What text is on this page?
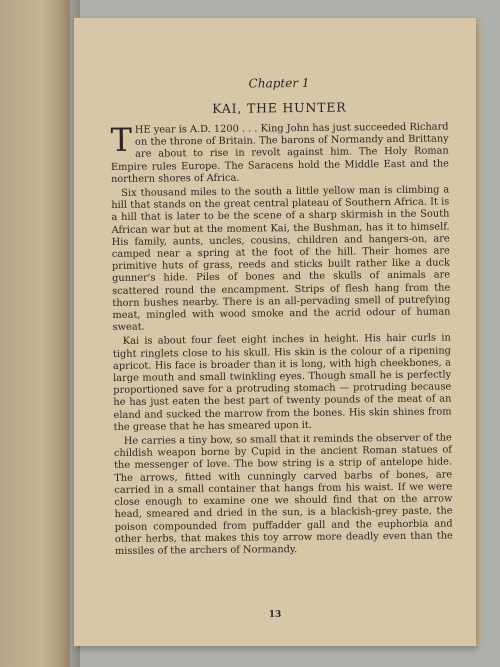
Chapter 1
KAI, THE HUNTER

THE year is A.D. 1200 . . . King John has just succeeded Richard on the throne of Britain. The barons of Normandy and Brittany are about to rise in revolt against him. The Holy Roman Empire rules Europe. The Saracens hold the Middle East and the northern shores of Africa.

Six thousand miles to the south a little yellow man is climbing a hill that stands on the great central plateau of Southern Africa. It is a hill that is later to be the scene of a sharp skirmish in the South African war but at the moment Kai, the Bushman, has it to himself. His family, aunts, uncles, cousins, children and hangers-on, are camped near a spring at the foot of the hill. Their homes are primitive huts of grass, reeds and sticks built rather like a duck gunner's hide. Piles of bones and the skulls of animals are scattered round the encampment. Strips of flesh hang from the thorn bushes nearby. There is an all-pervading smell of putrefying meat, mingled with wood smoke and the acrid odour of human sweat.

Kai is about four feet eight inches in height. His hair curls in tight ringlets close to his skull. His skin is the colour of a ripening apricot. His face is broader than it is long, with high cheekbones, a large mouth and small twinkling eyes. Though small he is perfectly proportioned save for a protruding stomach — protruding because he has just eaten the best part of twenty pounds of the meat of an eland and sucked the marrow from the bones. His skin shines from the grease that he has smeared upon it.

He carries a tiny bow, so small that it reminds the observer of the childish weapon borne by Cupid in the ancient Roman statues of the messenger of love. The bow string is a strip of antelope hide. The arrows, fitted with cunningly carved barbs of bones, are carried in a small container that hangs from his waist. If we were close enough to examine one we should find that on the arrow head, smeared and dried in the sun, is a blackish-grey paste, the poison compounded from puffadder gall and the euphorbia and other herbs, that makes this toy arrow more deadly even than the missiles of the archers of Normandy.

13
